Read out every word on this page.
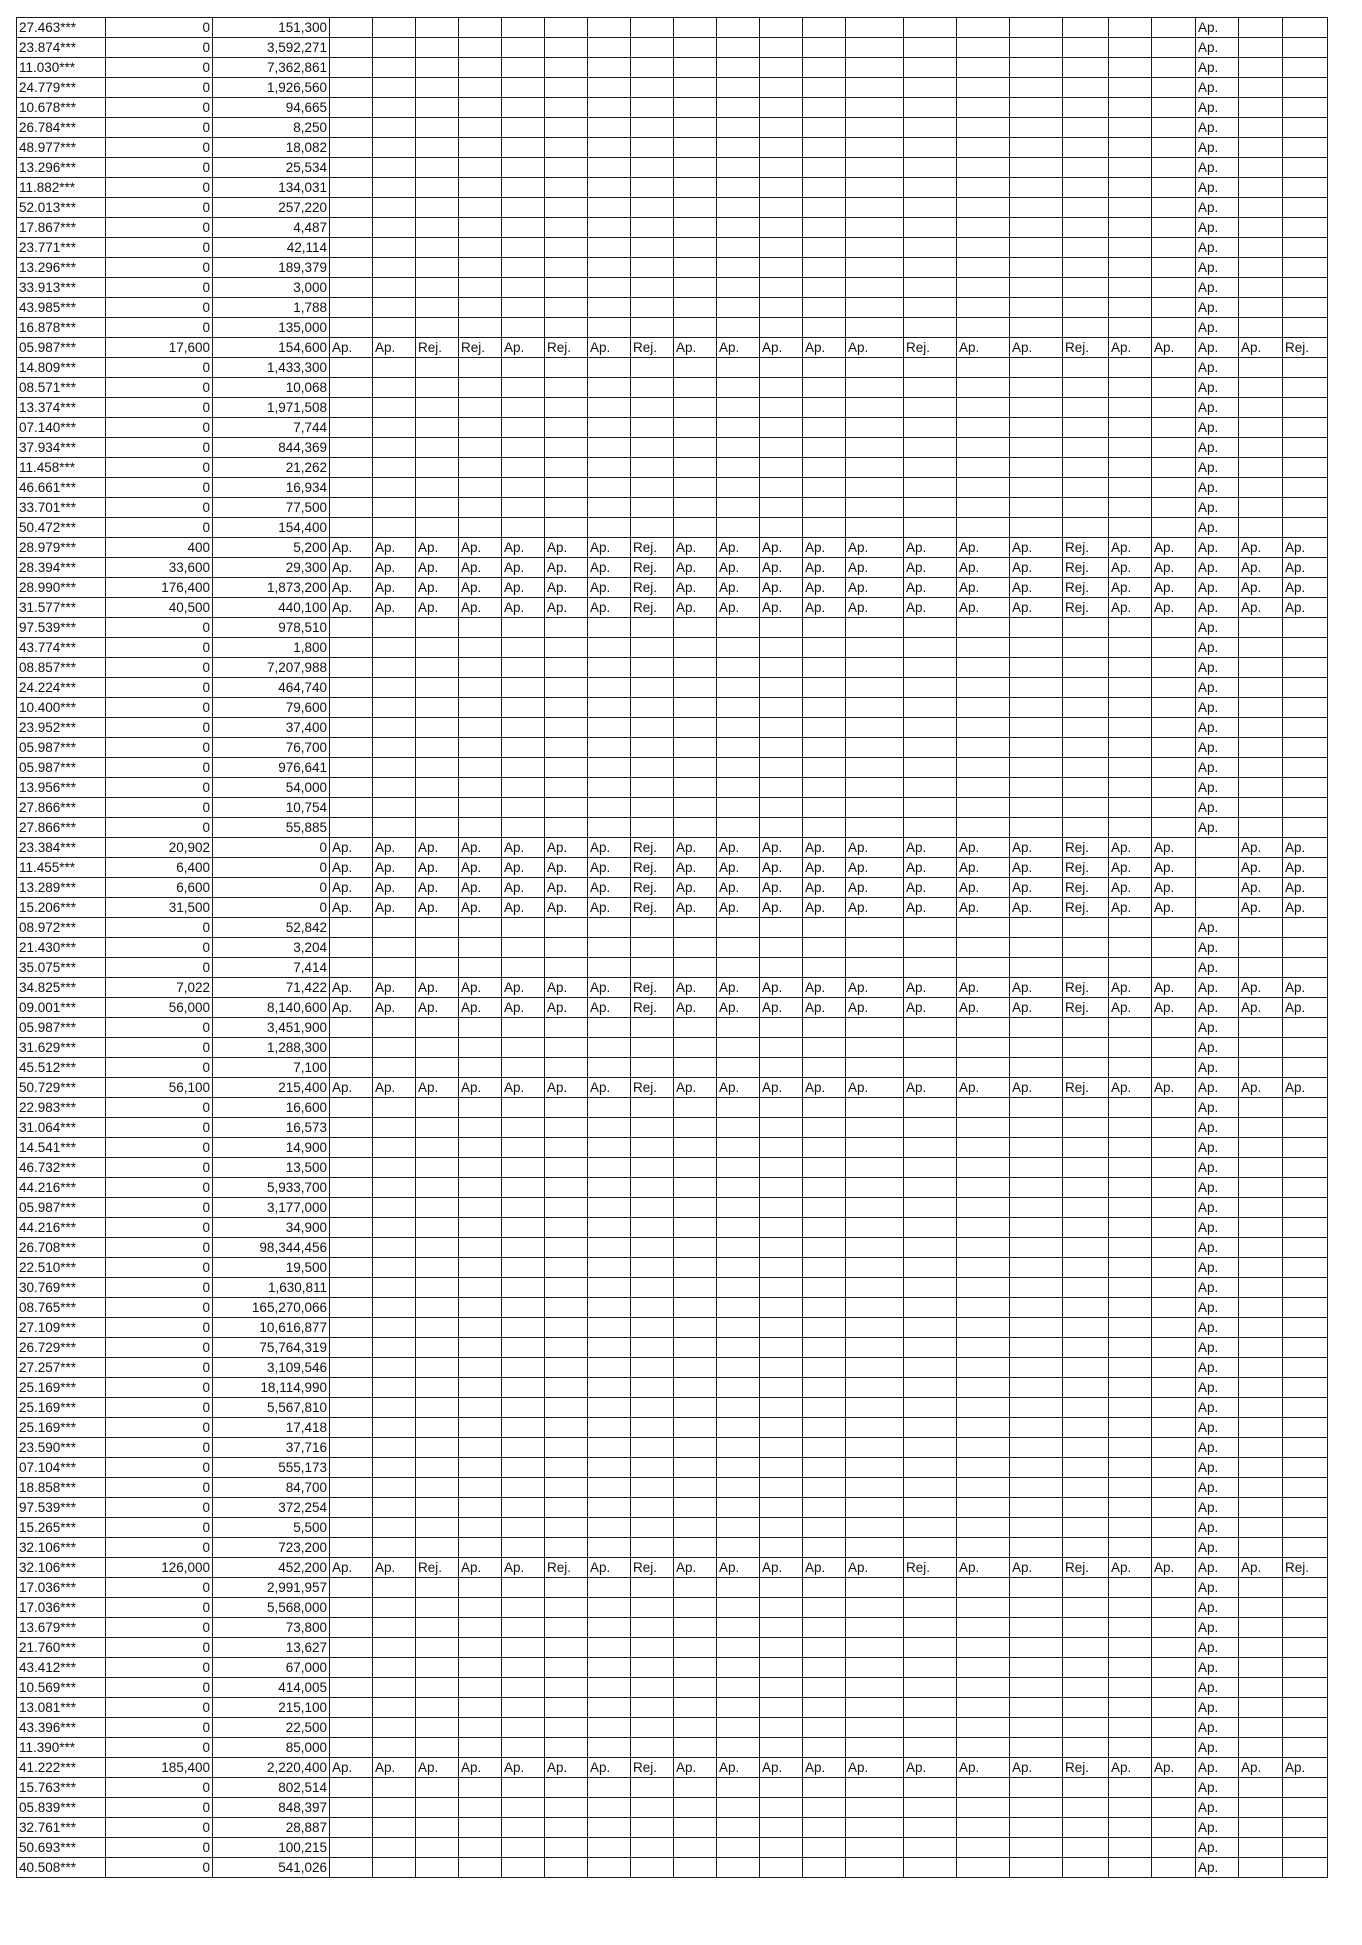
27.463***	0	151,300																				Ap.		
23.874***	0	3,592,271																				Ap.		
11.030***	0	7,362,861																				Ap.		
24.779***	0	1,926,560																				Ap.		
10.678***	0	94,665																				Ap.		
26.784***	0	8,250																				Ap.		
48.977***	0	18,082																				Ap.		
13.296***	0	25,534																				Ap.		
11.882***	0	134,031																				Ap.		
52.013***	0	257,220																				Ap.		
17.867***	0	4,487																				Ap.		
23.771***	0	42,114																				Ap.		
13.296***	0	189,379																				Ap.		
33.913***	0	3,000																				Ap.		
43.985***	0	1,788																				Ap.		
16.878***	0	135,000																				Ap.		
05.987***	17,600	154,600	Ap.	Ap.	Rej.	Rej.	Ap.	Rej.	Ap.	Rej.	Ap.	Ap.	Ap.	Ap.	Ap.	Rej.	Ap.	Ap.	Rej.	Ap.	Ap.	Ap.	Ap.	Rej.
14.809***	0	1,433,300																				Ap.		
08.571***	0	10,068																				Ap.		
13.374***	0	1,971,508																				Ap.		
07.140***	0	7,744																				Ap.		
37.934***	0	844,369																				Ap.		
11.458***	0	21,262																				Ap.		
46.661***	0	16,934																				Ap.		
33.701***	0	77,500																				Ap.		
50.472***	0	154,400																				Ap.		
28.979***	400	5,200	Ap.	Ap.	Ap.	Ap.	Ap.	Ap.	Ap.	Rej.	Ap.	Ap.	Ap.	Ap.	Ap.	Ap.	Ap.	Ap.	Rej.	Ap.	Ap.	Ap.	Ap.	Ap.
28.394***	33,600	29,300	Ap.	Ap.	Ap.	Ap.	Ap.	Ap.	Ap.	Rej.	Ap.	Ap.	Ap.	Ap.	Ap.	Ap.	Ap.	Ap.	Rej.	Ap.	Ap.	Ap.	Ap.	Ap.
28.990***	176,400	1,873,200	Ap.	Ap.	Ap.	Ap.	Ap.	Ap.	Ap.	Rej.	Ap.	Ap.	Ap.	Ap.	Ap.	Ap.	Ap.	Ap.	Rej.	Ap.	Ap.	Ap.	Ap.	Ap.
31.577***	40,500	440,100	Ap.	Ap.	Ap.	Ap.	Ap.	Ap.	Ap.	Rej.	Ap.	Ap.	Ap.	Ap.	Ap.	Ap.	Ap.	Ap.	Rej.	Ap.	Ap.	Ap.	Ap.	Ap.
97.539***	0	978,510																				Ap.		
43.774***	0	1,800																				Ap.		
08.857***	0	7,207,988																				Ap.		
24.224***	0	464,740																				Ap.		
10.400***	0	79,600																				Ap.		
23.952***	0	37,400																				Ap.		
05.987***	0	76,700																				Ap.		
05.987***	0	976,641																				Ap.		
13.956***	0	54,000																				Ap.		
27.866***	0	10,754																				Ap.		
27.866***	0	55,885																				Ap.		
23.384***	20,902	0	Ap.	Ap.	Ap.	Ap.	Ap.	Ap.	Ap.	Rej.	Ap.	Ap.	Ap.	Ap.	Ap.	Ap.	Ap.	Ap.	Rej.	Ap.	Ap.		Ap.	Ap.
11.455***	6,400	0	Ap.	Ap.	Ap.	Ap.	Ap.	Ap.	Ap.	Rej.	Ap.	Ap.	Ap.	Ap.	Ap.	Ap.	Ap.	Ap.	Rej.	Ap.	Ap.		Ap.	Ap.
13.289***	6,600	0	Ap.	Ap.	Ap.	Ap.	Ap.	Ap.	Ap.	Rej.	Ap.	Ap.	Ap.	Ap.	Ap.	Ap.	Ap.	Ap.	Rej.	Ap.	Ap.		Ap.	Ap.
15.206***	31,500	0	Ap.	Ap.	Ap.	Ap.	Ap.	Ap.	Ap.	Rej.	Ap.	Ap.	Ap.	Ap.	Ap.	Ap.	Ap.	Ap.	Rej.	Ap.	Ap.		Ap.	Ap.
08.972***	0	52,842																				Ap.		
21.430***	0	3,204																				Ap.		
35.075***	0	7,414																				Ap.		
34.825***	7,022	71,422	Ap.	Ap.	Ap.	Ap.	Ap.	Ap.	Ap.	Rej.	Ap.	Ap.	Ap.	Ap.	Ap.	Ap.	Ap.	Ap.	Rej.	Ap.	Ap.	Ap.	Ap.	Ap.
09.001***	56,000	8,140,600	Ap.	Ap.	Ap.	Ap.	Ap.	Ap.	Ap.	Rej.	Ap.	Ap.	Ap.	Ap.	Ap.	Ap.	Ap.	Ap.	Rej.	Ap.	Ap.	Ap.	Ap.	Ap.
05.987***	0	3,451,900																				Ap.		
31.629***	0	1,288,300																				Ap.		
45.512***	0	7,100																				Ap.		
50.729***	56,100	215,400	Ap.	Ap.	Ap.	Ap.	Ap.	Ap.	Ap.	Rej.	Ap.	Ap.	Ap.	Ap.	Ap.	Ap.	Ap.	Ap.	Rej.	Ap.	Ap.	Ap.	Ap.	Ap.
22.983***	0	16,600																				Ap.		
31.064***	0	16,573																				Ap.		
14.541***	0	14,900																				Ap.		
46.732***	0	13,500																				Ap.		
44.216***	0	5,933,700																				Ap.		
05.987***	0	3,177,000																				Ap.		
44.216***	0	34,900																				Ap.		
26.708***	0	98,344,456																				Ap.		
22.510***	0	19,500																				Ap.		
30.769***	0	1,630,811																				Ap.		
08.765***	0	165,270,066																				Ap.		
27.109***	0	10,616,877																				Ap.		
26.729***	0	75,764,319																				Ap.		
27.257***	0	3,109,546																				Ap.		
25.169***	0	18,114,990																				Ap.		
25.169***	0	5,567,810																				Ap.		
25.169***	0	17,418																				Ap.		
23.590***	0	37,716																				Ap.		
07.104***	0	555,173																				Ap.		
18.858***	0	84,700																				Ap.		
97.539***	0	372,254																				Ap.		
15.265***	0	5,500																				Ap.		
32.106***	0	723,200																				Ap.		
32.106***	126,000	452,200	Ap.	Ap.	Rej.	Ap.	Ap.	Rej.	Ap.	Rej.	Ap.	Ap.	Ap.	Ap.	Ap.	Rej.	Ap.	Ap.	Rej.	Ap.	Ap.	Ap.	Ap.	Rej.
17.036***	0	2,991,957																				Ap.		
17.036***	0	5,568,000																				Ap.		
13.679***	0	73,800																				Ap.		
21.760***	0	13,627																				Ap.		
43.412***	0	67,000																				Ap.		
10.569***	0	414,005																				Ap.		
13.081***	0	215,100																				Ap.		
43.396***	0	22,500																				Ap.		
11.390***	0	85,000																				Ap.		
41.222***	185,400	2,220,400	Ap.	Ap.	Ap.	Ap.	Ap.	Ap.	Ap.	Rej.	Ap.	Ap.	Ap.	Ap.	Ap.	Ap.	Ap.	Ap.	Rej.	Ap.	Ap.	Ap.	Ap.	Ap.
15.763***	0	802,514																				Ap.		
05.839***	0	848,397																				Ap.		
32.761***	0	28,887																				Ap.		
50.693***	0	100,215																				Ap.		
40.508***	0	541,026																				Ap.		
